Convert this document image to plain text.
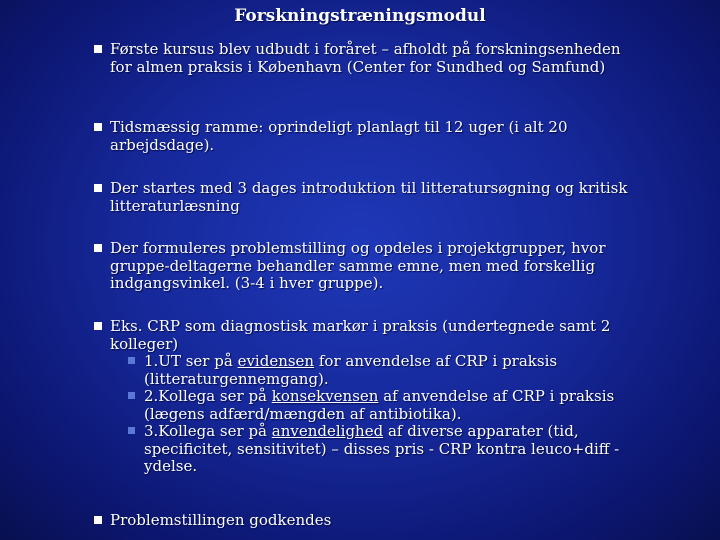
Forskningstræningsmodul
Første kursus blev udbudt i foråret – afholdt på forskningsenheden for almen praksis i København (Center for Sundhed og Samfund)
Tidsmæssig ramme: oprindeligt planlagt til 12 uger (i alt 20 arbejdsdage).
Der startes med 3 dages introduktion til litteratursøgning og kritisk litteraturlæsning
Der formuleres problemstilling og opdeles i projektgrupper, hvor gruppe-deltagerne behandler samme emne, men med forskellig indgangsvinkel. (3-4 i hver gruppe).
Eks. CRP som diagnostisk markør i praksis (undertegnede samt 2 kolleger)
1.UT ser på evidensen for anvendelse af CRP i praksis (litteraturgennemgang).
2.Kollega ser på konsekvensen af anvendelse af CRP i praksis (lægens adfærd/mængden af antibiotika).
3.Kollega ser på anvendelighed af diverse apparater (tid, specificitet, sensitivitet) – disses pris - CRP kontra leuco+diff - ydelse.
Problemstillingen godkendes
